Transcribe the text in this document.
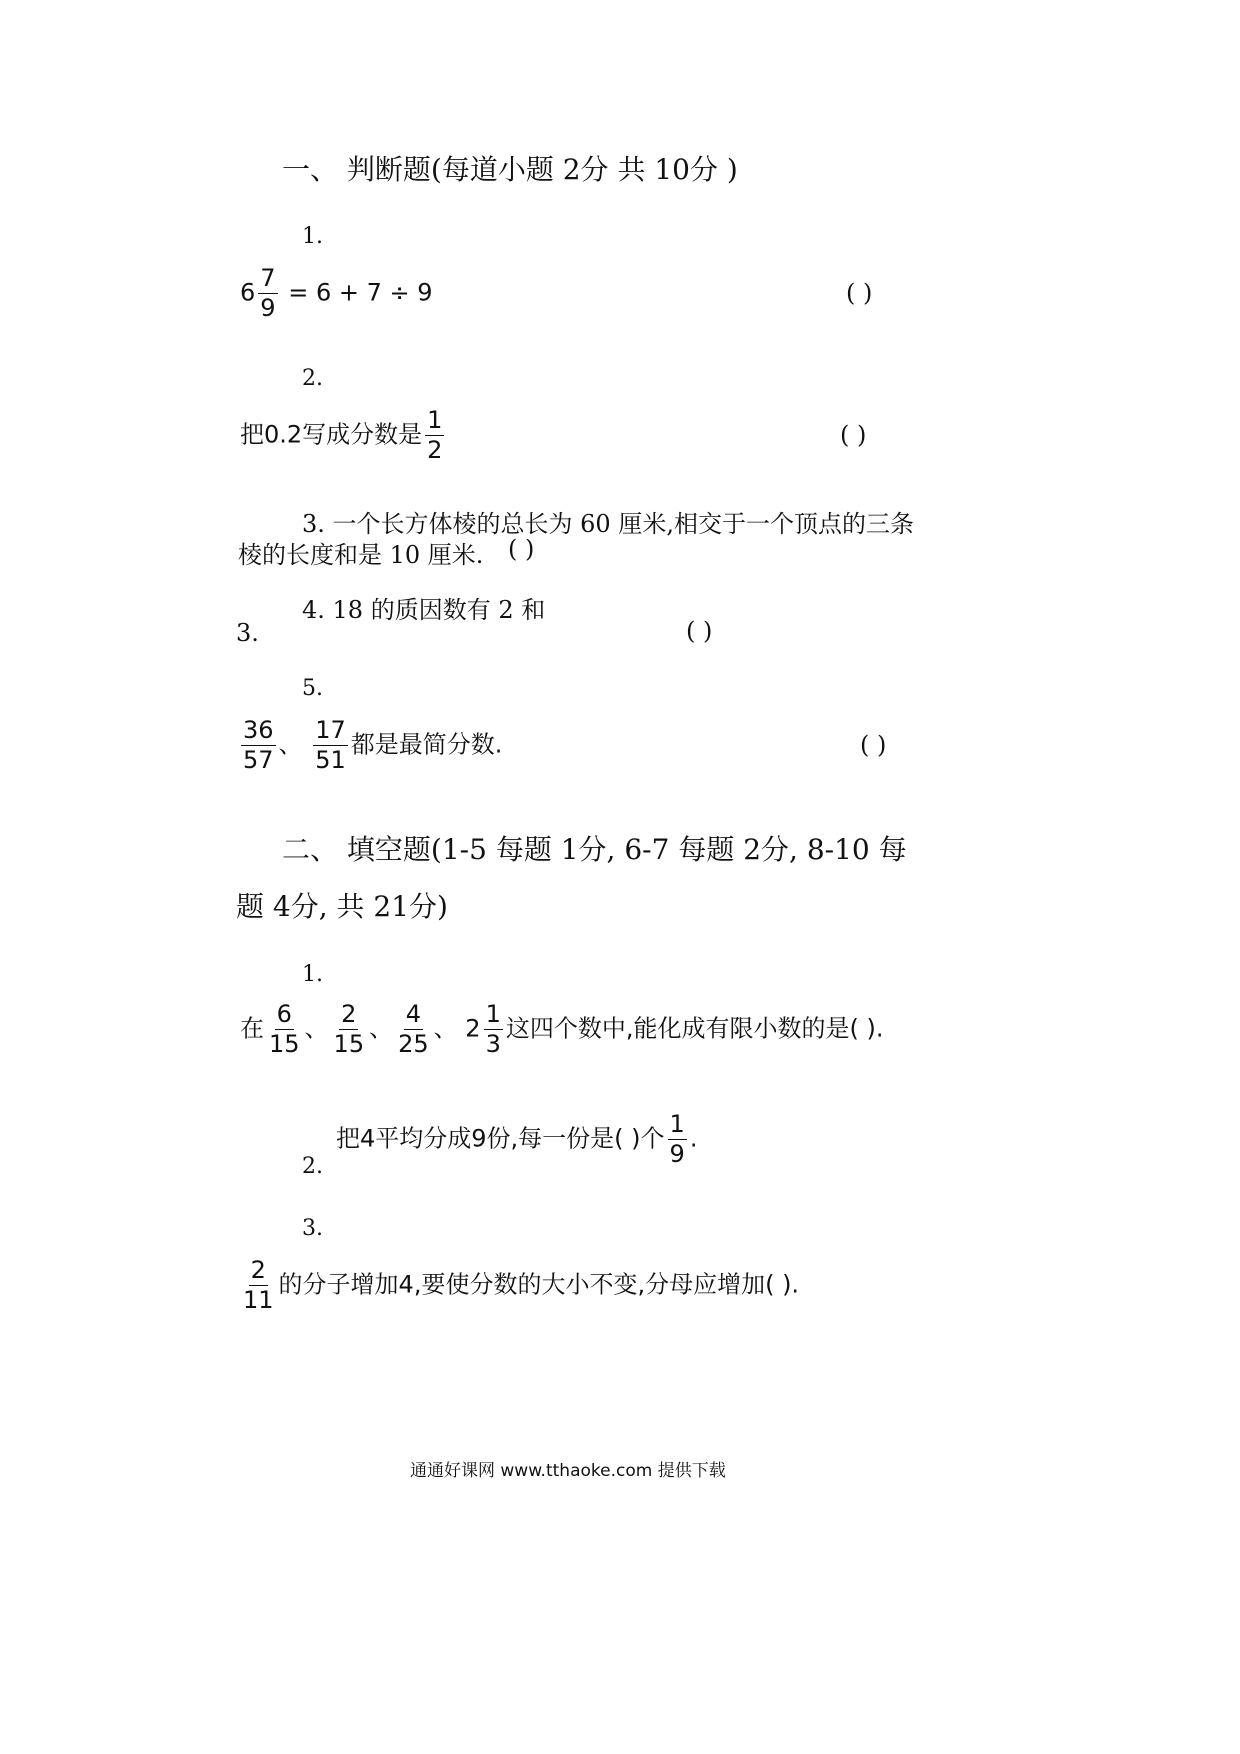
一、 判断题(每道小题 2分 共 10分 )
1.
$6 \frac{7}{9} = 6 + 7 \div 9$	( )
2.
把0.2写成分数是 $\frac{1}{2}$	( )
3. 一个长方体棱的总长为 60 厘米,相交于一个顶点的三条
棱的长度和是 10 厘米. ( )
4. 18 的质因数有 2 和
3.	( )
5.
$\frac{36}{57}$ 、 $\frac{17}{51}$ 都是最简分数.	( )
二、 填空题(1-5 每题 1分, 6-7 每题 2分, 8-10 每
题 4分, 共 21分)
1.
在 $\frac{6}{15}$ 、 $\frac{2}{15}$ 、 $\frac{4}{25}$ 、 $2 \frac{1}{3}$ 这四个数中,能化成有限小数的是( ).
把4平均分成9份,每一份是( )个 $\frac{1}{9}$ .
2.
3.
$\frac{2}{11}$ 的分子增加4,要使分数的大小不变,分母应增加( ).
通通好课网 www.tthaoke.com 提供下载
